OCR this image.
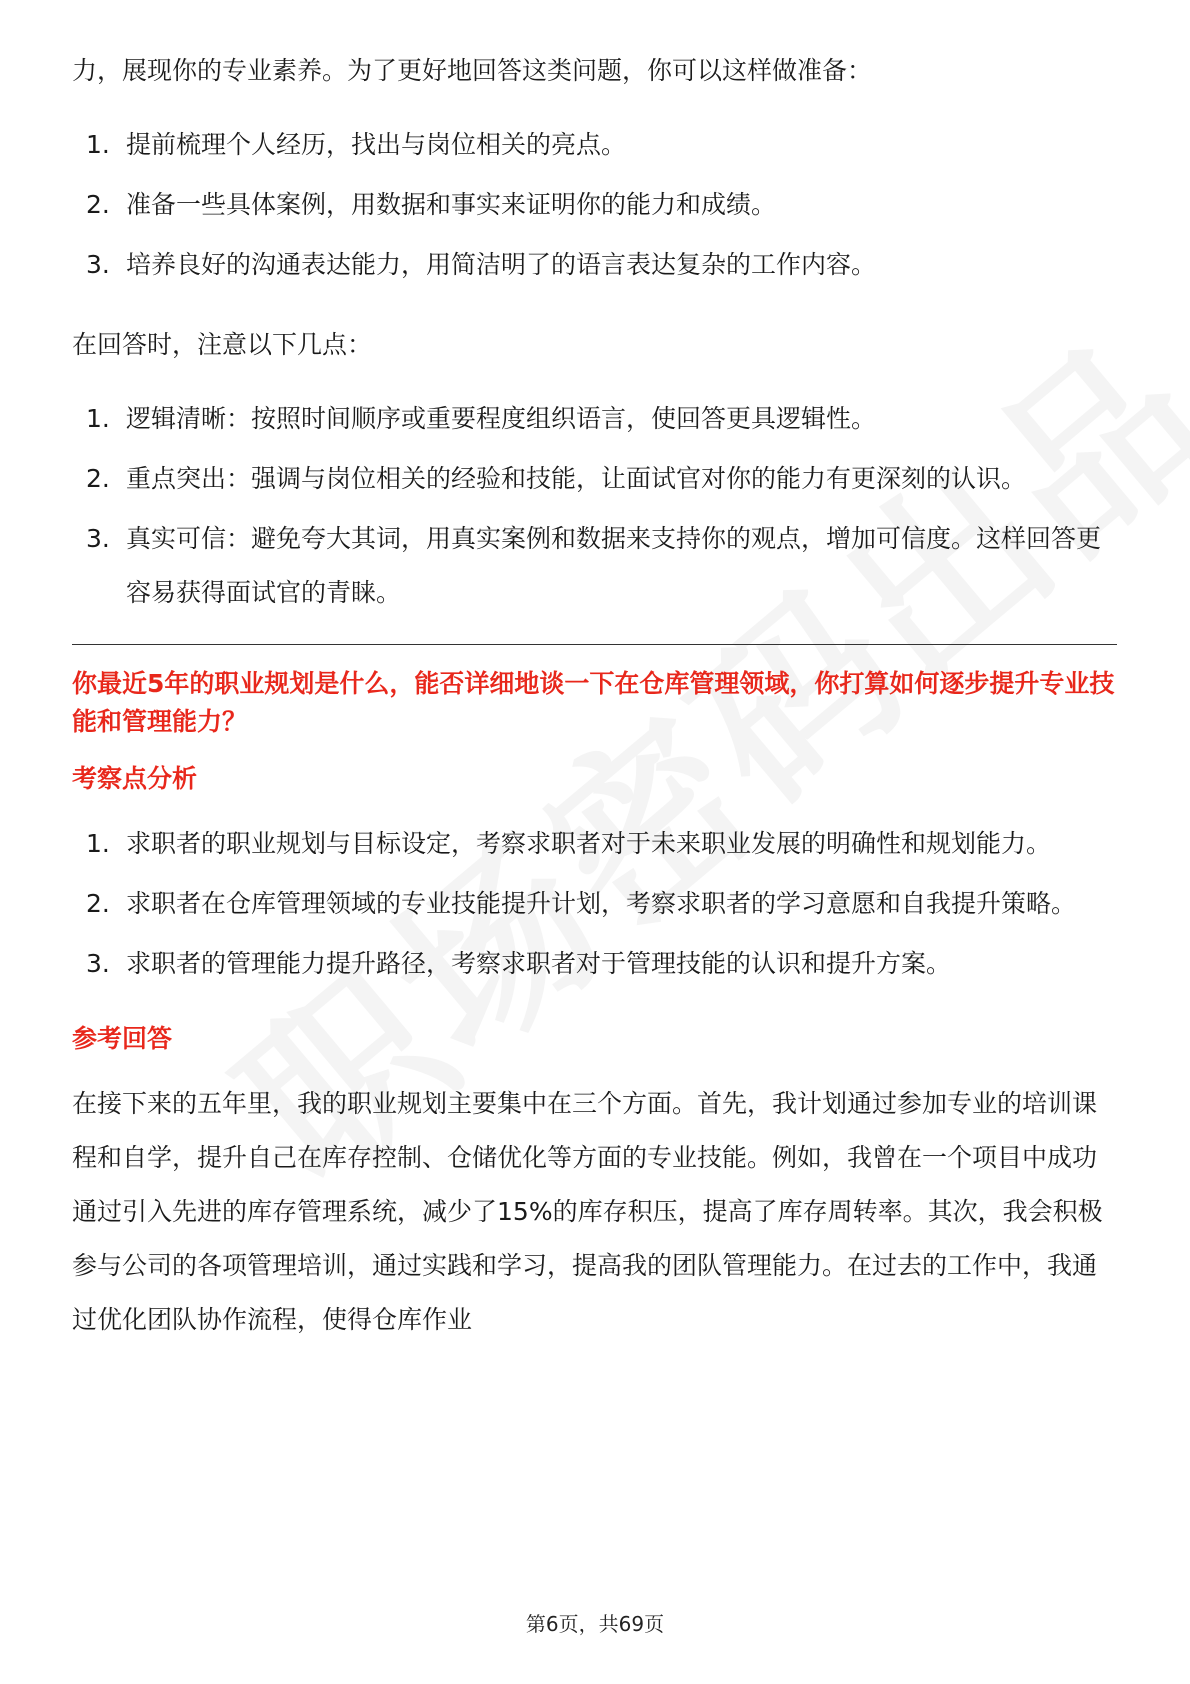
力，展现你的专业素养。为了更好地回答这类问题，你可以这样做准备：

1. 提前梳理个人经历，找出与岗位相关的亮点。
2. 准备一些具体案例，用数据和事实来证明你的能力和成绩。
3. 培养良好的沟通表达能力，用简洁明了的语言表达复杂的工作内容。

在回答时，注意以下几点：

1. 逻辑清晰：按照时间顺序或重要程度组织语言，使回答更具逻辑性。
2. 重点突出：强调与岗位相关的经验和技能，让面试官对你的能力有更深刻的认识。
3. 真实可信：避免夸大其词，用真实案例和数据来支持你的观点，增加可信度。这样回答更容易获得面试官的青睐。
你最近5年的职业规划是什么，能否详细地谈一下在仓库管理领域，你打算如何逐步提升专业技能和管理能力？
考察点分析
1. 求职者的职业规划与目标设定，考察求职者对于未来职业发展的明确性和规划能力。
2. 求职者在仓库管理领域的专业技能提升计划，考察求职者的学习意愿和自我提升策略。
3. 求职者的管理能力提升路径，考察求职者对于管理技能的认识和提升方案。
参考回答

在接下来的五年里，我的职业规划主要集中在三个方面。首先，我计划通过参加专业的培训课程和自学，提升自己在库存控制、仓储优化等方面的专业技能。例如，我曾在一个项目中成功通过引入先进的库存管理系统，减少了15%的库存积压，提高了库存周转率。其次，我会积极参与公司的各项管理培训，通过实践和学习，提高我的团队管理能力。在过去的工作中，我通过优化团队协作流程，使得仓库作业

第6页，共69页
